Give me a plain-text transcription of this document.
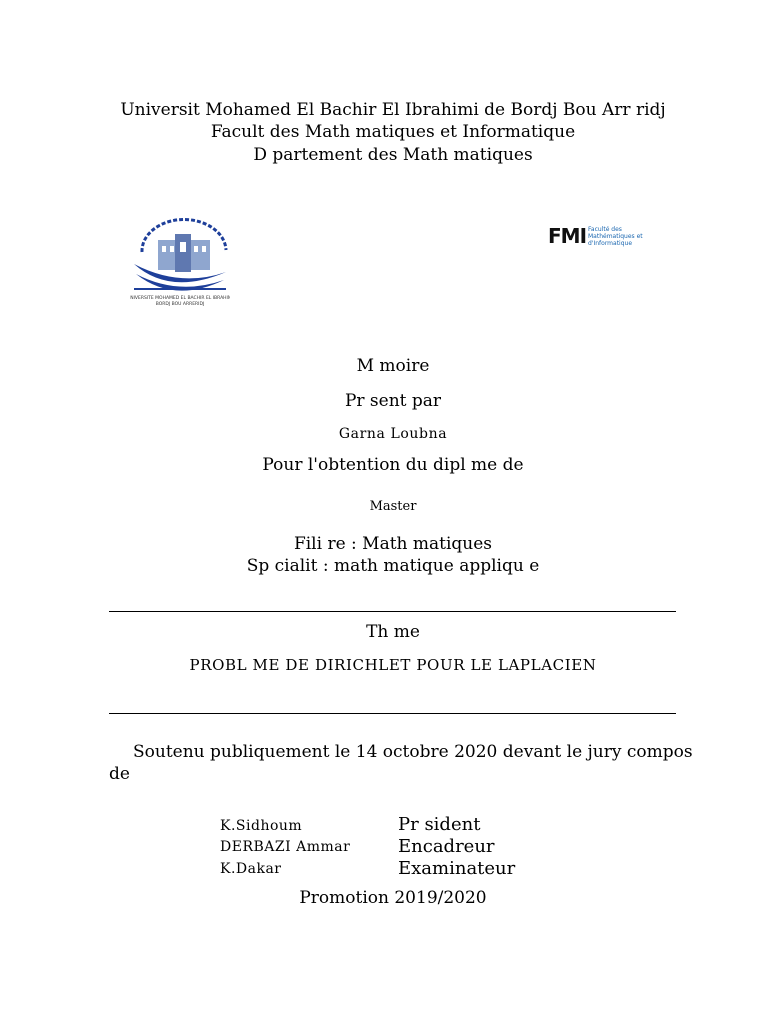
Universit Mohamed El Bachir El Ibrahimi de Bordj Bou Arr ridj
Facult des Math matiques et Informatique
D partement des Math matiques
UNIVERSITE MOHAMED EL BACHIR EL IBRAHIMI
BORDJ BOU ARRERIDJ
FMI Faculté des
Mathématiques et
d'Informatique
M moire
Pr sent par
Garna Loubna
Pour l'obtention du dipl me de
Master
Fili re : Math matiques
Sp cialit : math matique appliqu e
Th me
PROBL ME DE DIRICHLET POUR LE LAPLACIEN
Soutenu publiquement le 14 octobre 2020 devant le jury compos
de
K.Sidhoum	Pr sident
DERBAZI Ammar	Encadreur
K.Dakar	Examinateur
Promotion 2019/2020
